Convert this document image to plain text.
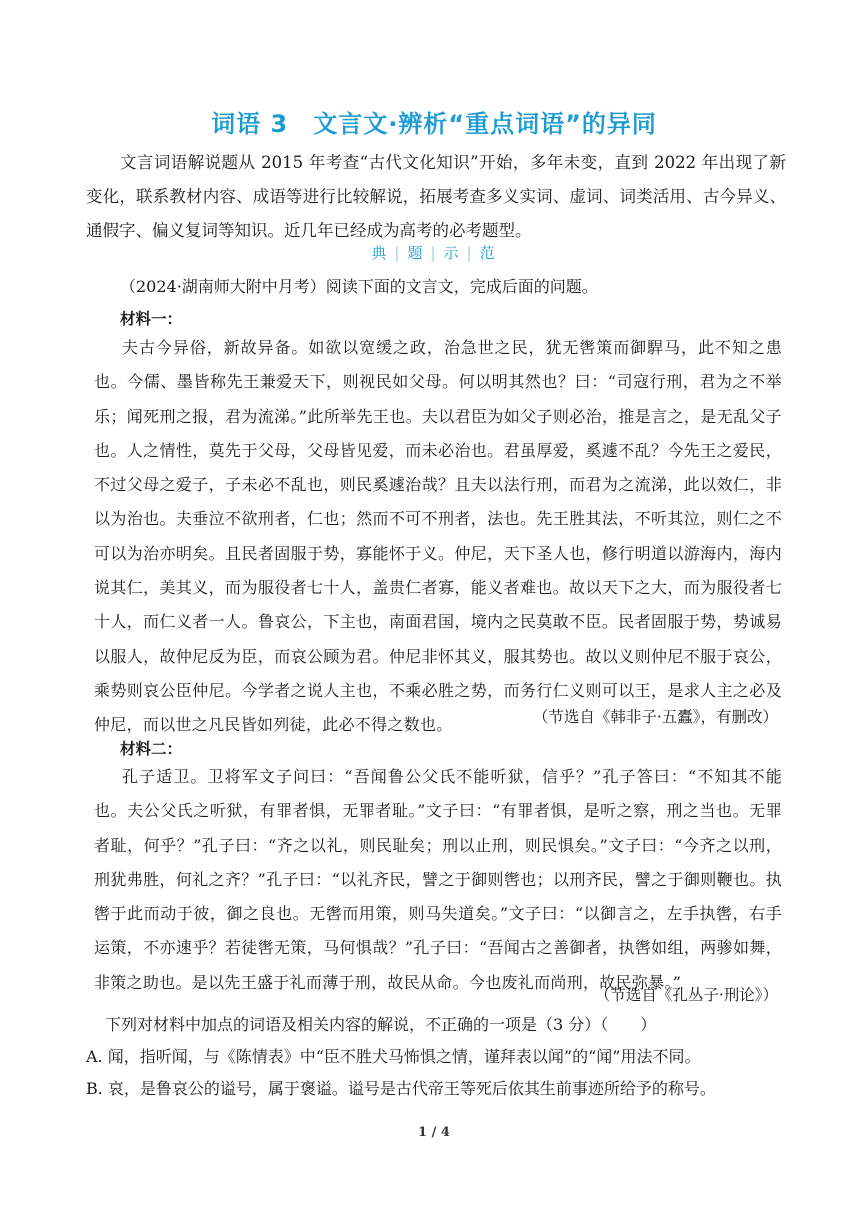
词语 3　文言文·辨析“重点词语”的异同
文言词语解说题从 2015 年考查“古代文化知识”开始，多年未变，直到 2022 年出现了新变化，联系教材内容、成语等进行比较解说，拓展考查多义实词、虚词、词类活用、古今异义、通假字、偏义复词等知识。近几年已经成为高考的必考题型。
典 | 题 | 示 | 范
（2024·湖南师大附中月考）阅读下面的文言文，完成后面的问题。
材料一：
夫古今异俗，新故异备。如欲以宽缓之政，治急世之民，犹无辔策而御駻马，此不知之患也。今儒、墨皆称先王兼爱天下，则视民如父母。何以明其然也？曰：“司寇行刑，君为之不举乐；闻死刑之报，君为流涕。”此所举先王也。夫以君臣为如父子则必治，推是言之，是无乱父子也。人之情性，莫先于父母，父母皆见爱，而未必治也。君虽厚爱，奚遽不乱？今先王之爱民，不过父母之爱子，子未必不乱也，则民奚遽治哉？且夫以法行刑，而君为之流涕，此以效仁，非以为治也。夫垂泣不欲刑者，仁也；然而不可不刑者，法也。先王胜其法，不听其泣，则仁之不可以为治亦明矣。且民者固服于势，寡能怀于义。仲尼，天下圣人也，修行明道以游海内，海内说其仁，美其义，而为服役者七十人，盖贵仁者寡，能义者难也。故以天下之大，而为服役者七十人，而仁义者一人。鲁哀公，下主也，南面君国，境内之民莫敢不臣。民者固服于势，势诚易以服人，故仲尼反为臣，而哀公顾为君。仲尼非怀其义，服其势也。故以义则仲尼不服于哀公，乘势则哀公臣仲尼。今学者之说人主也，不乘必胜之势，而务行仁义则可以王，是求人主之必及仲尼，而以世之凡民皆如列徒，此必不得之数也。	（节选自《韩非子·五蠹》，有删改）
材料二：
孔子适卫。卫将军文子问曰：“吾闻鲁公父氏不能听狱，信乎？”孔子答曰：“不知其不能也。夫公父氏之听狱，有罪者惧，无罪者耻。”文子曰：“有罪者惧，是听之察，刑之当也。无罪者耻，何乎？”孔子曰：“齐之以礼，则民耻矣；刑以止刑，则民惧矣。”文子曰：“今齐之以刑，刑犹弗胜，何礼之齐？”孔子曰：“以礼齐民，譬之于御则辔也；以刑齐民，譬之于御则鞭也。执辔于此而动于彼，御之良也。无辔而用策，则马失道矣。”文子曰：“以御言之，左手执辔，右手运策，不亦速乎？若徒辔无策，马何惧哉？”孔子曰：“吾闻古之善御者，执辔如组，两骖如舞，非策之助也。是以先王盛于礼而薄于刑，故民从命。今也废礼而尚刑，故民弥暴。”
（节选自《孔丛子·刑论》）
下列对材料中加点的词语及相关内容的解说，不正确的一项是（3 分）（　　）
A. 闻，指听闻，与《陈情表》中“臣不胜犬马怖惧之情，谨拜表以闻”的“闻”用法不同。
B. 哀，是鲁哀公的谥号，属于褒谥。谥号是古代帝王等死后依其生前事迹所给予的称号。
1 / 4
